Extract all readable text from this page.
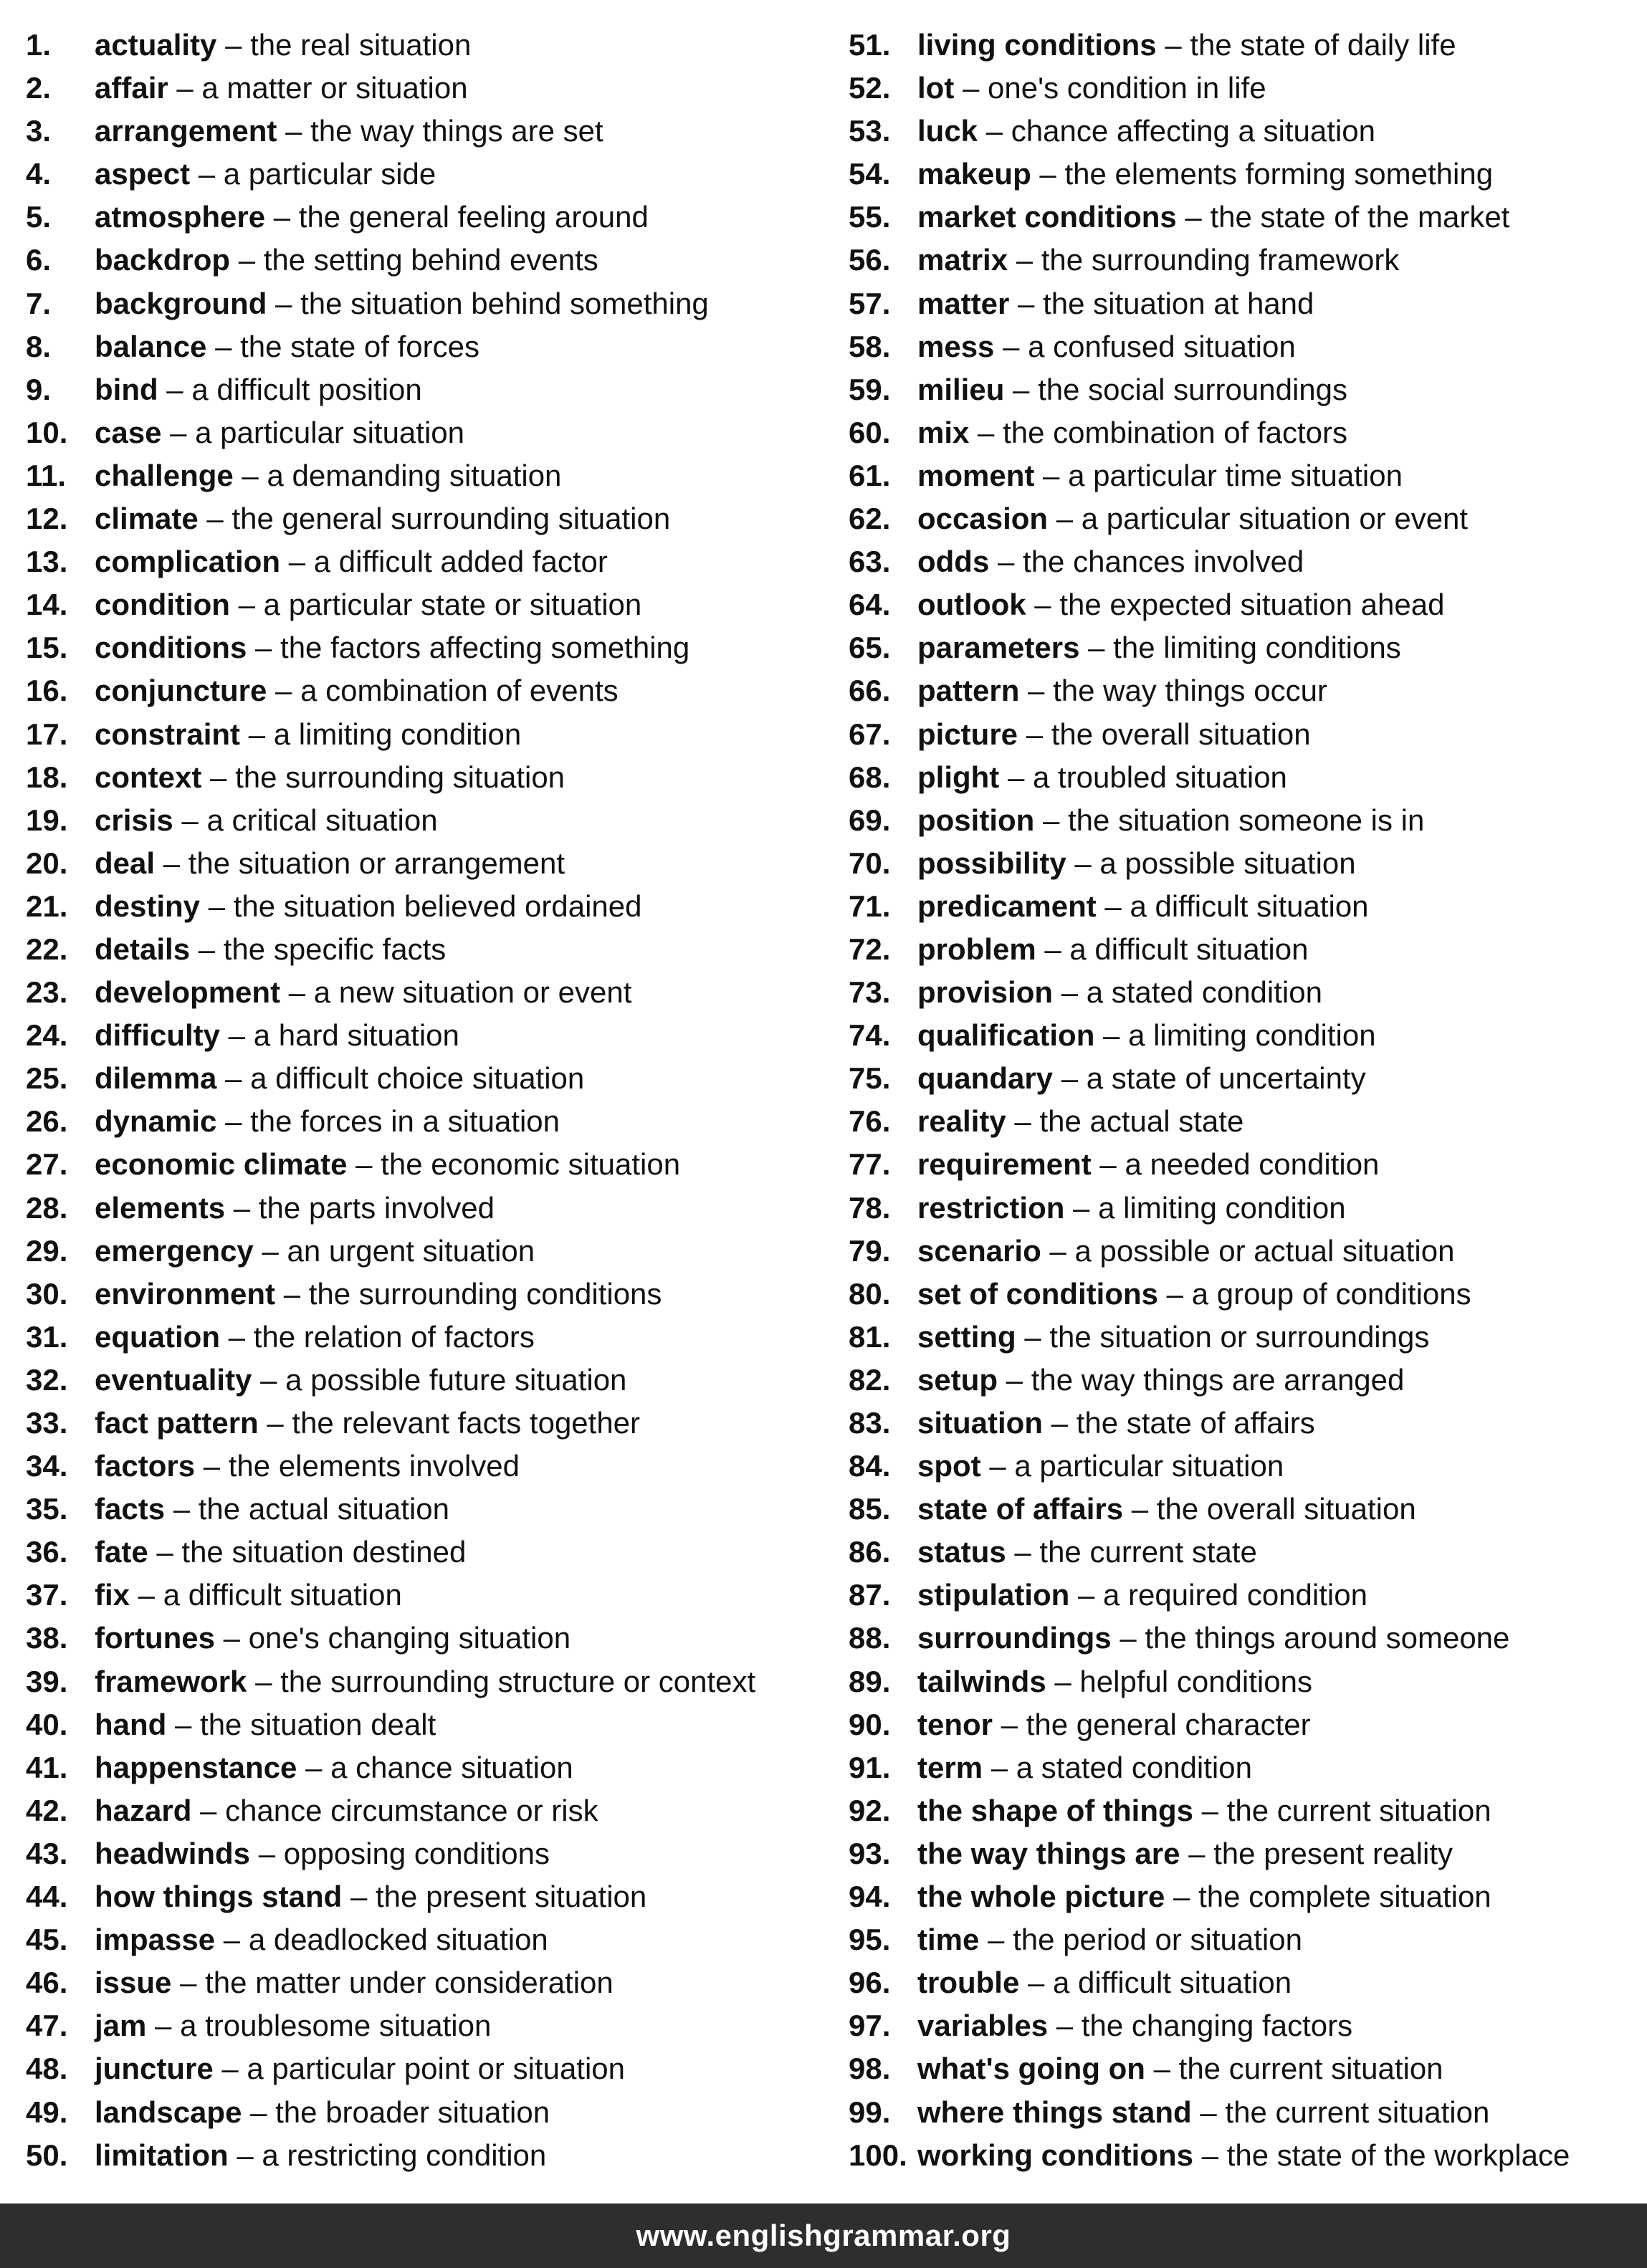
1.	actuality – the real situation
2.	affair – a matter or situation
3.	arrangement – the way things are set
4.	aspect – a particular side
5.	atmosphere – the general feeling around
6.	backdrop – the setting behind events
7.	background – the situation behind something
8.	balance – the state of forces
9.	bind – a difficult position
10. case – a particular situation
11. challenge – a demanding situation
12. climate – the general surrounding situation
13. complication – a difficult added factor
14. condition – a particular state or situation
15. conditions – the factors affecting something
16. conjuncture – a combination of events
17. constraint – a limiting condition
18. context – the surrounding situation
19. crisis – a critical situation
20. deal – the situation or arrangement
21. destiny – the situation believed ordained
22. details – the specific facts
23. development – a new situation or event
24. difficulty – a hard situation
25. dilemma – a difficult choice situation
26. dynamic – the forces in a situation
27. economic climate – the economic situation
28. elements – the parts involved
29. emergency – an urgent situation
30. environment – the surrounding conditions
31. equation – the relation of factors
32. eventuality – a possible future situation
33. fact pattern – the relevant facts together
34. factors – the elements involved
35. facts – the actual situation
36. fate – the situation destined
37. fix – a difficult situation
38. fortunes – one's changing situation
39. framework – the surrounding structure or context
40. hand – the situation dealt
41. happenstance – a chance situation
42. hazard – chance circumstance or risk
43. headwinds – opposing conditions
44. how things stand – the present situation
45. impasse – a deadlocked situation
46. issue – the matter under consideration
47. jam – a troublesome situation
48. juncture – a particular point or situation
49. landscape – the broader situation
50. limitation – a restricting condition
51. living conditions – the state of daily life
52. lot – one's condition in life
53. luck – chance affecting a situation
54. makeup – the elements forming something
55. market conditions – the state of the market
56. matrix – the surrounding framework
57. matter – the situation at hand
58. mess – a confused situation
59. milieu – the social surroundings
60. mix – the combination of factors
61. moment – a particular time situation
62. occasion – a particular situation or event
63. odds – the chances involved
64. outlook – the expected situation ahead
65. parameters – the limiting conditions
66. pattern – the way things occur
67. picture – the overall situation
68. plight – a troubled situation
69. position – the situation someone is in
70. possibility – a possible situation
71. predicament – a difficult situation
72. problem – a difficult situation
73. provision – a stated condition
74. qualification – a limiting condition
75. quandary – a state of uncertainty
76. reality – the actual state
77. requirement – a needed condition
78. restriction – a limiting condition
79. scenario – a possible or actual situation
80. set of conditions – a group of conditions
81. setting – the situation or surroundings
82. setup – the way things are arranged
83. situation – the state of affairs
84. spot – a particular situation
85. state of affairs – the overall situation
86. status – the current state
87. stipulation – a required condition
88. surroundings – the things around someone
89. tailwinds – helpful conditions
90. tenor – the general character
91. term – a stated condition
92. the shape of things – the current situation
93. the way things are – the present reality
94. the whole picture – the complete situation
95. time – the period or situation
96. trouble – a difficult situation
97. variables – the changing factors
98. what's going on – the current situation
99. where things stand – the current situation
100. working conditions – the state of the workplace
www.englishgrammar.org
